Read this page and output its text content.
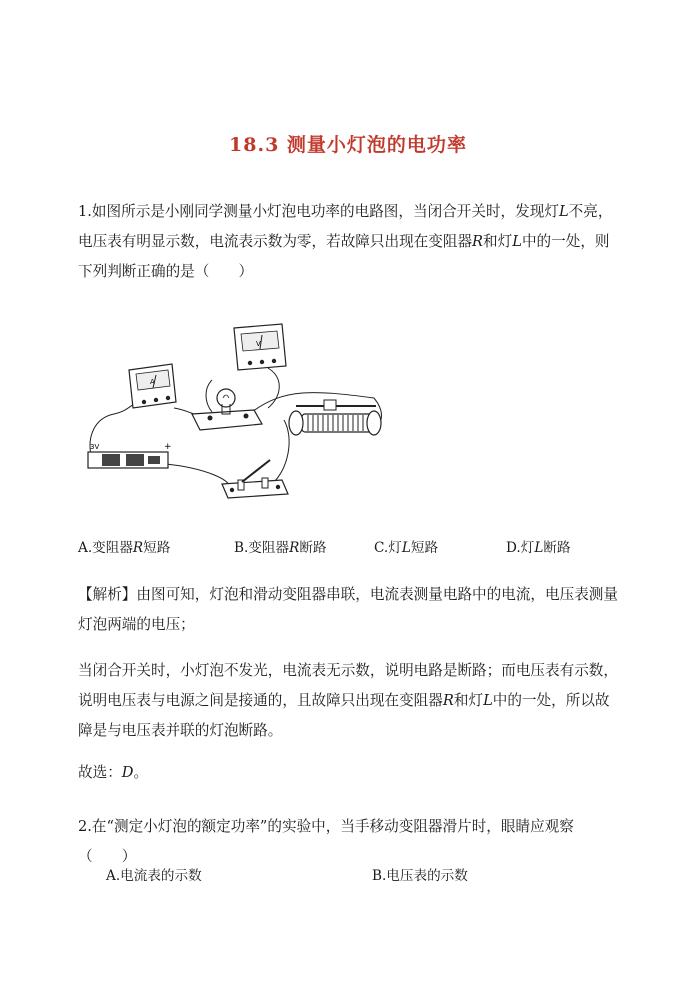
18.3 测量小灯泡的电功率
1.如图所示是小刚同学测量小灯泡电功率的电路图，当闭合开关时，发现灯L不亮，电压表有明显示数，电流表示数为零，若故障只出现在变阻器R和灯L中的一处，则下列判断正确的是（　　）
A
V
3V	+
A.变阻器R短路	B.变阻器R断路	C.灯L短路	D.灯L断路
【解析】由图可知，灯泡和滑动变阻器串联，电流表测量电路中的电流，电压表测量灯泡两端的电压；
当闭合开关时，小灯泡不发光，电流表无示数，说明电路是断路；而电压表有示数，说明电压表与电源之间是接通的，且故障只出现在变阻器R和灯L中的一处，所以故障是与电压表并联的灯泡断路。
故选：D。
2.在“测定小灯泡的额定功率”的实验中，当手移动变阻器滑片时，眼睛应观察（　　）
A.电流表的示数	B.电压表的示数
